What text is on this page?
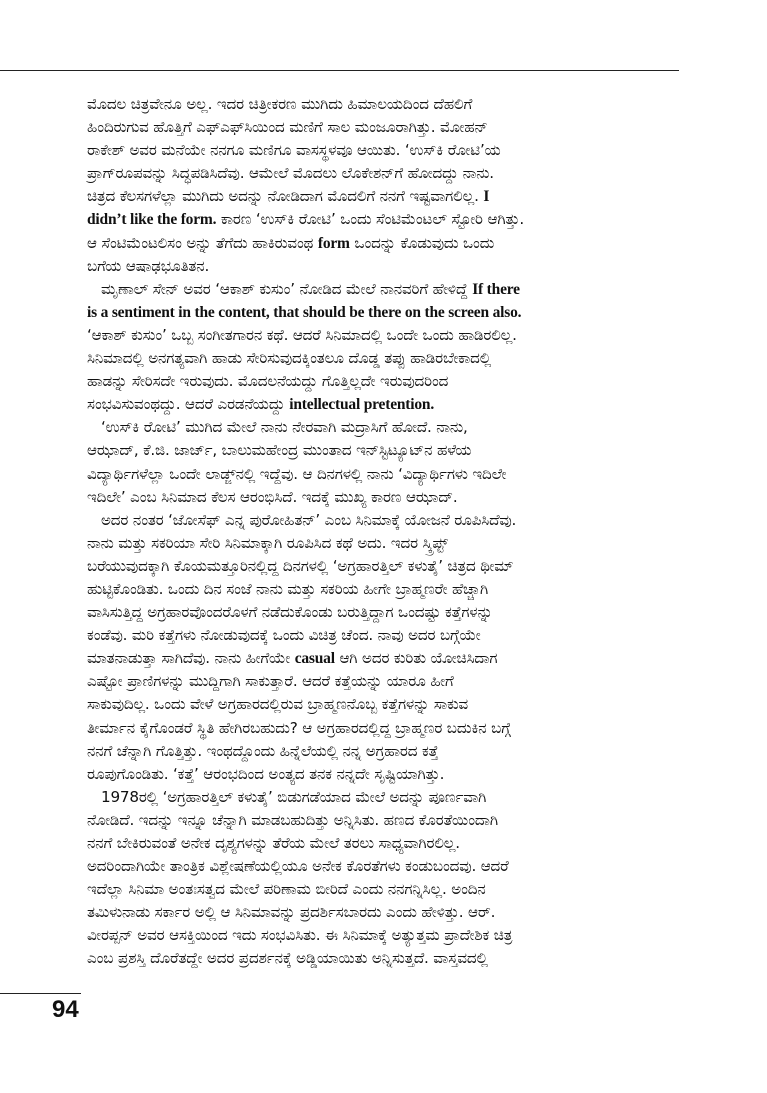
ಮೊದಲ ಚಿತ್ರವೇನೂ ಅಲ್ಲ. ಇದರ ಚಿತ್ರೀಕರಣ ಮುಗಿದು ಹಿಮಾಲಯದಿಂದ ದೆಹಲಿಗೆ
ಹಿಂದಿರುಗುವ ಹೊತ್ತಿಗೆ ಎಫ್‌ಎಫ್‌ಸಿಯಿಂದ ಮಣಿಗೆ ಸಾಲ ಮಂಜೂರಾಗಿತ್ತು. ಮೋಹನ್
ರಾಕೇಶ್ ಅವರ ಮನೆಯೇ ನನಗೂ ಮಣಿಗೂ ವಾಸಸ್ಥಳವೂ ಆಯಿತು. ‘ಉಸ್‌ಕಿ ರೋಟಿ’ಯ
ಪ್ರಾಗ್‌ರೂಪವನ್ನು ಸಿದ್ಧಪಡಿಸಿದೆವು. ಆಮೇಲೆ ಮೊದಲು ಲೊಕೇಶನ್‌ಗೆ ಹೋದದ್ದು ನಾನು.
ಚಿತ್ರದ ಕೆಲಸಗಳೆಲ್ಲಾ ಮುಗಿದು ಅದನ್ನು ನೋಡಿದಾಗ ಮೊದಲಿಗೆ ನನಗೆ ಇಷ್ಟವಾಗಲಿಲ್ಲ. I
didn’t like the form. ಕಾರಣ ‘ಉಸ್‌ಕಿ ರೋಟಿ’ ಒಂದು ಸೆಂಟಿಮೆಂಟಲ್ ಸ್ಟೋರಿ ಆಗಿತ್ತು.
ಆ ಸೆಂಟಿಮೆಂಟಲಿಸಂ ಅನ್ನು ತೆಗೆದು ಹಾಕಿರುವಂಥ form ಒಂದನ್ನು ಕೊಡುವುದು ಒಂದು
ಬಗೆಯ ಆಷಾಢಭೂತಿತನ.
ಮೃಣಾಲ್ ಸೇನ್ ಅವರ ‘ಆಕಾಶ್ ಕುಸುಂ’ ನೋಡಿದ ಮೇಲೆ ನಾನವರಿಗೆ ಹೇಳಿದ್ದೆ If there
is a sentiment in the content, that should be there on the screen also.
‘ಆಕಾಶ್ ಕುಸುಂ’ ಒಬ್ಬ ಸಂಗೀತಗಾರನ ಕಥೆ. ಆದರೆ ಸಿನಿಮಾದಲ್ಲಿ ಒಂದೇ ಒಂದು ಹಾಡಿರಲಿಲ್ಲ.
ಸಿನಿಮಾದಲ್ಲಿ ಅನಗತ್ಯವಾಗಿ ಹಾಡು ಸೇರಿಸುವುದಕ್ಕಿಂತಲೂ ದೊಡ್ಡ ತಪ್ಪು ಹಾಡಿರಬೇಕಾದಲ್ಲಿ
ಹಾಡನ್ನು ಸೇರಿಸದೇ ಇರುವುದು. ಮೊದಲನೆಯದ್ದು ಗೊತ್ತಿಲ್ಲದೇ ಇರುವುದರಿಂದ
ಸಂಭವಿಸುವಂಥದ್ದು. ಆದರೆ ಎರಡನೆಯದ್ದು intellectual pretention.
‘ಉಸ್‌ಕಿ ರೋಟಿ’ ಮುಗಿದ ಮೇಲೆ ನಾನು ನೇರವಾಗಿ ಮದ್ರಾಸಿಗೆ ಹೋದೆ. ನಾನು,
ಆಝಾದ್, ಕೆ.ಜಿ. ಜಾರ್ಜ್, ಬಾಲುಮಹೇಂದ್ರ ಮುಂತಾದ ಇನ್‌ಸ್ಟಿಟ್ಯೂಟ್‌ನ ಹಳೆಯ
ವಿದ್ಯಾರ್ಥಿಗಳೆಲ್ಲಾ ಒಂದೇ ಲಾಡ್ಜ್‌ನಲ್ಲಿ ಇದ್ದೆವು. ಆ ದಿನಗಳಲ್ಲಿ ನಾನು ‘ವಿದ್ಯಾರ್ಥಿಗಳು ಇದಿಲೇ
ಇದಿಲೇ’ ಎಂಬ ಸಿನಿಮಾದ ಕೆಲಸ ಆರಂಭಿಸಿದೆ. ಇದಕ್ಕೆ ಮುಖ್ಯ ಕಾರಣ ಆಝಾದ್.
ಅದರ ನಂತರ ‘ಜೋಸೆಫ್ ಎನ್ನ ಪುರೋಹಿತನ್’ ಎಂಬ ಸಿನಿಮಾಕ್ಕೆ ಯೋಜನೆ ರೂಪಿಸಿದೆವು.
ನಾನು ಮತ್ತು ಸಕರಿಯಾ ಸೇರಿ ಸಿನಿಮಾಕ್ಕಾಗಿ ರೂಪಿಸಿದ ಕಥೆ ಅದು. ಇದರ ಸ್ಕ್ರಿಪ್ಟ್
ಬರೆಯುವುದಕ್ಕಾಗಿ ಕೊಯಮತ್ತೂರಿನಲ್ಲಿದ್ದ ದಿನಗಳಲ್ಲಿ ‘ಅಗ್ರಹಾರತ್ತಿಲ್ ಕಳುತೈ’ ಚಿತ್ರದ ಥೀಮ್
ಹುಟ್ಟಿಕೊಂಡಿತು. ಒಂದು ದಿನ ಸಂಜೆ ನಾನು ಮತ್ತು ಸಕರಿಯ ಹೀಗೇ ಬ್ರಾಹ್ಮಣರೇ ಹೆಚ್ಚಾಗಿ
ವಾಸಿಸುತ್ತಿದ್ದ ಅಗ್ರಹಾರವೊಂದರೊಳಗೆ ನಡೆದುಕೊಂಡು ಬರುತ್ತಿದ್ದಾಗ ಒಂದಷ್ಟು ಕತ್ತೆಗಳನ್ನು
ಕಂಡೆವು. ಮರಿ ಕತ್ತೆಗಳು ನೋಡುವುದಕ್ಕೆ ಒಂದು ವಿಚಿತ್ರ ಚೆಂದ. ನಾವು ಅದರ ಬಗ್ಗೆಯೇ
ಮಾತನಾಡುತ್ತಾ ಸಾಗಿದೆವು. ನಾನು ಹೀಗೆಯೇ casual ಆಗಿ ಅದರ ಕುರಿತು ಯೋಚಿಸಿದಾಗ
ಎಷ್ಟೋ ಪ್ರಾಣಿಗಳನ್ನು ಮುದ್ದಿಗಾಗಿ ಸಾಕುತ್ತಾರೆ. ಆದರೆ ಕತ್ತೆಯನ್ನು ಯಾರೂ ಹೀಗೆ
ಸಾಕುವುದಿಲ್ಲ. ಒಂದು ವೇಳೆ ಅಗ್ರಹಾರದಲ್ಲಿರುವ ಬ್ರಾಹ್ಮಣನೊಬ್ಬ ಕತ್ತೆಗಳನ್ನು ಸಾಕುವ
ತೀರ್ಮಾನ ಕೈಗೊಂಡರೆ ಸ್ಥಿತಿ ಹೇಗಿರಬಹುದು? ಆ ಅಗ್ರಹಾರದಲ್ಲಿದ್ದ ಬ್ರಾಹ್ಮಣರ ಬದುಕಿನ ಬಗ್ಗೆ
ನನಗೆ ಚೆನ್ನಾಗಿ ಗೊತ್ತಿತ್ತು. ಇಂಥದ್ದೊಂದು ಹಿನ್ನೆಲೆಯಲ್ಲಿ ನನ್ನ ಅಗ್ರಹಾರದ ಕತ್ತೆ
ರೂಪುಗೊಂಡಿತು. ‘ಕತ್ತೆ’ ಆರಂಭದಿಂದ ಅಂತ್ಯದ ತನಕ ನನ್ನದೇ ಸೃಷ್ಟಿಯಾಗಿತ್ತು.
1978ರಲ್ಲಿ ‘ಅಗ್ರಹಾರತ್ತಿಲ್ ಕಳುತೈ’ ಬಿಡುಗಡೆಯಾದ ಮೇಲೆ ಅದನ್ನು ಪೂರ್ಣವಾಗಿ
ನೋಡಿದೆ. ಇದನ್ನು ಇನ್ನೂ ಚೆನ್ನಾಗಿ ಮಾಡಬಹುದಿತ್ತು ಅನ್ನಿಸಿತು. ಹಣದ ಕೊರತೆಯಿಂದಾಗಿ
ನನಗೆ ಬೇಕಿರುವಂತೆ ಅನೇಕ ದೃಶ್ಯಗಳನ್ನು ತೆರೆಯ ಮೇಲೆ ತರಲು ಸಾಧ್ಯವಾಗಿರಲಿಲ್ಲ.
ಅದರಿಂದಾಗಿಯೇ ತಾಂತ್ರಿಕ ವಿಶ್ಲೇಷಣೆಯಲ್ಲಿಯೂ ಅನೇಕ ಕೊರತೆಗಳು ಕಂಡುಬಂದವು. ಆದರೆ
ಇದೆಲ್ಲಾ ಸಿನಿಮಾ ಅಂತಃಸತ್ವದ ಮೇಲೆ ಪರಿಣಾಮ ಬೀರಿದೆ ಎಂದು ನನಗನ್ನಿಸಿಲ್ಲ. ಅಂದಿನ
ತಮಿಳುನಾಡು ಸರ್ಕಾರ ಅಲ್ಲಿ ಆ ಸಿನಿಮಾವನ್ನು ಪ್ರದರ್ಶಿಸಬಾರದು ಎಂದು ಹೇಳಿತ್ತು. ಆರ್.
ವೀರಪ್ಪನ್ ಅವರ ಆಸಕ್ತಿಯಿಂದ ಇದು ಸಂಭವಿಸಿತು. ಈ ಸಿನಿಮಾಕ್ಕೆ ಅತ್ಯುತ್ತಮ ಪ್ರಾದೇಶಿಕ ಚಿತ್ರ
ಎಂಬ ಪ್ರಶಸ್ತಿ ದೊರೆತದ್ದೇ ಅದರ ಪ್ರದರ್ಶನಕ್ಕೆ ಅಡ್ಡಿಯಾಯಿತು ಅನ್ನಿಸುತ್ತದೆ. ವಾಸ್ತವದಲ್ಲಿ
94
